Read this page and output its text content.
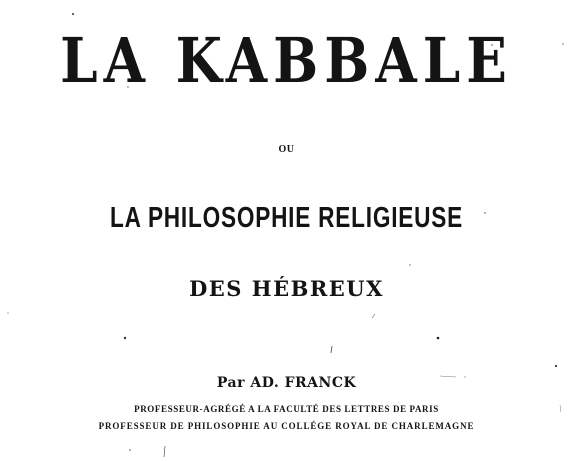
LA KABBALE
OU
LA PHILOSOPHIE RELIGIEUSE
DES HÉBREUX
Par AD. FRANCK
PROFESSEUR-AGRÉGÉ A LA FACULTÉ DES LETTRES DE PARIS
PROFESSEUR DE PHILOSOPHIE AU COLLÉGE ROYAL DE CHARLEMAGNE
